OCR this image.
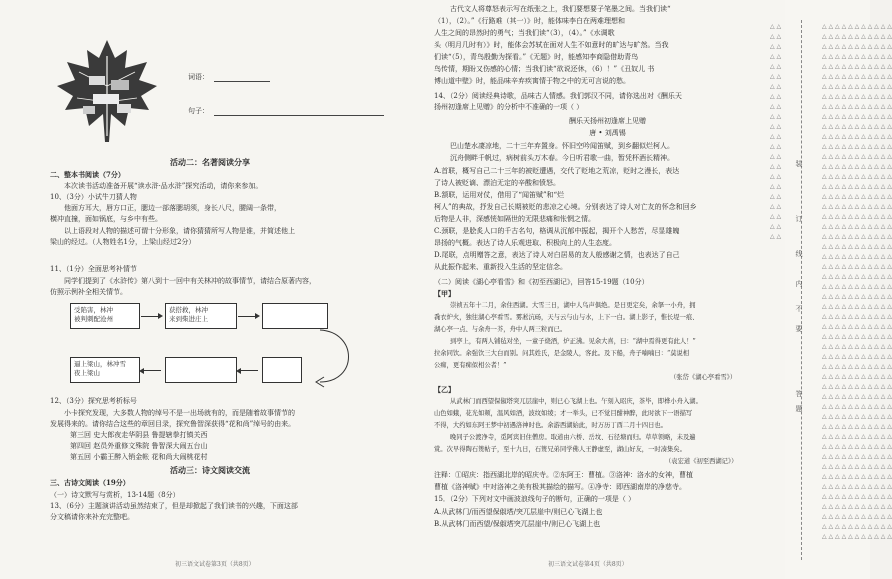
词语：
句子：
活动二：名著阅读分享
二、整本书阅读（7分）
本次读书活动准备开展“读水浒·品水浒”探究活动，请你来参加。
10、（3分）小试牛刀猜人物
他面方耳大，唇方口正，腮边一部落腮胡须，身长八尺，腰阔一条带，
横冲直撞，面如锅底，与乡中有些。
以上语段对人物的描述可谓十分形象，请你猜猜所写人物是谁，并简述他上
梁山的经过。（人物姓名1分，上梁山经过2分）
11、（1分）全面思考补情节
同学们提到了《水浒传》第八到十一回中有关林冲的故事情节，请结合原著内容，
仿照示例补全相关情节。
受陷害，林冲
被判刺配沧州
获搭救，林冲
来到柴进庄上
逼上梁山，林冲雪
夜上梁山
12、（3分）探究思考析标号
小卡探究发现，大多数人物的绰号不是一出场就有的，而是随着故事情节的
发展得来的。请你结合这些的章回目录，探究鲁智深获得“花和尚”绰号的由来。
第三回 史大郎夜走华阴县 鲁提辖拳打镇关西
第四回 赵员外重修文殊院 鲁智深大闹五台山
第五回 小霸王醉入销金帐 花和尚大闹桃花村
活动三：诗文阅读交流
三、古诗文阅读（19分）
（一）诗文默写与赏析，13-14题（8分）
13、（6分）主题演讲活动虽然结束了，但是却掀起了我们读书的兴趣，下面这部
分文稿请你来补充完整吧。
初三语文试卷第3页（共8页）
古代文人将尊怒表示写在纸张之上，我们要想要子笔墨之间。当我们读“
（1），（2）。”《行路难（其一）》时，能体味李白在两难理想和
人生之间的昂然时的勇气；当我们读“（3），（4）。”《水调歌
头（明月几时有）》时，能体会苏轼在面对人生不如意时的旷达与旷然。当我
们读“（5），青鸟殷勤为探看。”《无题》时，能感知李商隐借助青鸟
鸟传情，期盼又伤感的心情；当我们读“欲说还休，（6）！”《丑奴儿 书
博山道中壁》时，能品味辛弃疾寓情于物之中的无可言说的愁。
14、（2分）阅读经典诗歌，品味古人情感。我们郭汉不同，请你选出对《酬乐天
扬州初逢席上见赠》的分析中不准确的一项（ ）
酬乐天扬州初逢席上见赠
唐 • 刘禹锡
巴山楚水凄凉地，二十三年弃置身。怀旧空吟闻笛赋，到乡翻似烂柯人。
沉舟侧畔千帆过，病树前头万木春。今日听君歌一曲，暂凭杯酒长精神。
A.首联，概写自己二十三年的被贬遭遇，交代了贬地之荒凉，贬时之漫长，表达
了诗人被贬谪、漂泊无定的辛酸和愤怒。
B.颔联，运用对仗，借用了“闻笛赋”和“烂
柯人”的典故，抒发自己长期被贬的悲凉之心境。分别表达了诗人对亡友的怀念和回乡
后物是人非，深感恍如隔世的无限悲痛和怅惘之情。
C.颈联，是脍炙人口的千古名句，格调从沉郁中振起，揭开个人愁苦，尽显雄魄
昂扬的气概。表达了诗人乐观进取、积极向上的人生态度。
D.尾联，点明赠答之意，表达了诗人对白居易的友人般感谢之情，也表达了自己
从此振作起来、重新投入生活的坚定信念。
（二）阅读《湖心亭看雪》和《初至西湖记》，回答15-19题（10分）
【甲】
崇祯五年十二月，余住西湖。大雪三日，湖中人鸟声俱绝。是日更定矣，余拏一小舟，拥
毳衣炉火，独往湖心亭看雪。雾凇沆砀，天与云与山与水，上下一白。湖上影子，惟长堤一痕、
湖心亭一点、与余舟一芥，舟中人两三粒而已。
到亭上，有两人铺毡对坐，一童子烧酒，炉正沸。见余大喜，曰：“湖中焉得更有此人！”
拉余同饮。余强饮三大白而别。问其姓氏，是金陵人，客此。及下船，舟子喃喃曰：“莫说相
公痴，更有痴似相公者！”
（张岱《湖心亭看雪》）
【乙】
从武林门而西望保俶塔突兀层崖中，则已心飞湖上也。午刻入昭庆，茶毕，即桦小舟入湖。
山色如蛾，花光如颊，温风如酒，波纹如绫；才一举头，已不觉目酣神醉，此时欲下一语描写
不得，大约如东阿王梦中初遇洛神时也。余游西湖始此，时万历丁酉二月十四日也。
晚同子公渡净寺，觅阿宾旧住僧房。取道由六桥、岳坟、石径塘而归。草草领略，未及遍
赏。次早得陶石篑帖子，至十九日，石篑兄弟同学佛人王静虚至，湖山好友，一时凑集矣。
（袁宏道《初至西湖记》）
注释：①昭庆：指西湖北岸的昭庆寺。②东阿王：曹植。③洛神：洛水的女神，曹植
曹植《洛神赋》中对洛神之美有极其描绘的描写。④净寺：即西湖南岸的净慈寺。
15．（2分）下列对文中画波浪线句子的断句，正确的一项是（ ）
A.从武林门/而西望保俶塔/突兀层崖中/则已心飞湖上也
B.从武林门而西望/保俶塔突兀层崖中/则已心飞湖上也
初三语文试卷第4页（共8页）
△ △
△ △
△ △
△ △
△ △
△ △
△ △
△ △
△ △
△ △
△ △
△ △
△ △
△ △
△ △
△ △
△ △
△ △
△ △
△ △
△ △
△ △
△ △ △ △ △ △ △ △ △ △ △
△ △ △ △ △ △ △ △ △ △ △
△ △ △ △ △ △ △ △ △ △ △
△ △ △ △ △ △ △ △ △ △ △
△ △ △ △ △ △ △ △ △ △ △
△ △ △ △ △ △ △ △ △ △ △
△ △ △ △ △ △ △ △ △ △ △
△ △ △ △ △ △ △ △ △ △ △
△ △ △ △ △ △ △ △ △ △ △
△ △ △ △ △ △ △ △ △ △ △
△ △ △ △ △ △ △ △ △ △ △
△ △ △ △ △ △ △ △ △ △ △
△ △ △ △ △ △ △ △ △ △ △
△ △ △ △ △ △ △ △ △ △ △
△ △ △ △ △ △ △ △ △ △ △
△ △ △ △ △ △ △ △ △ △ △
△ △ △ △ △ △ △ △ △ △ △
△ △ △ △ △ △ △ △ △ △ △
△ △ △ △ △ △ △ △ △ △ △
△ △ △ △ △ △ △ △ △ △ △
△ △ △ △ △ △ △ △ △ △ △
△ △ △ △ △ △ △ △ △ △ △
△ △ △ △ △ △ △ △ △ △ △
△ △ △ △ △ △ △ △ △ △ △
△ △ △ △ △ △ △ △ △ △ △
△ △ △ △ △ △ △ △ △ △ △
△ △ △ △ △ △ △ △ △ △ △
△ △ △ △ △ △ △ △ △ △ △
△ △ △ △ △ △ △ △ △ △ △
△ △ △ △ △ △ △ △ △ △ △
△ △ △ △ △ △ △ △ △ △ △
△ △ △ △ △ △ △ △ △ △ △
△ △ △ △ △ △ △ △ △ △ △
△ △ △ △ △ △ △ △ △ △ △
△ △ △ △ △ △ △ △ △ △ △
△ △ △ △ △ △ △ △ △ △ △
△ △ △ △ △ △ △ △ △ △ △
△ △ △ △ △ △ △ △ △ △ △
△ △ △ △ △ △ △ △ △ △ △
△ △ △ △ △ △ △ △ △ △ △
△ △ △ △ △ △ △ △ △ △ △
△ △ △ △ △ △ △ △ △ △ △
△ △ △ △ △ △ △ △ △ △ △
△ △ △ △ △ △ △ △ △ △ △
△ △ △ △ △ △ △ △ △ △ △
△ △ △ △ △ △ △ △ △ △ △
△ △ △ △ △ △ △ △ △ △ △
△ △ △ △ △ △ △ △ △ △ △
△ △ △ △ △ △ △ △ △ △ △
△ △ △ △ △ △ △ △ △ △ △
△ △ △ △ △ △ △ △ △ △ △
△ △ △ △ △ △ △ △ △ △ △
装
订
线
内
不
要
答
题
